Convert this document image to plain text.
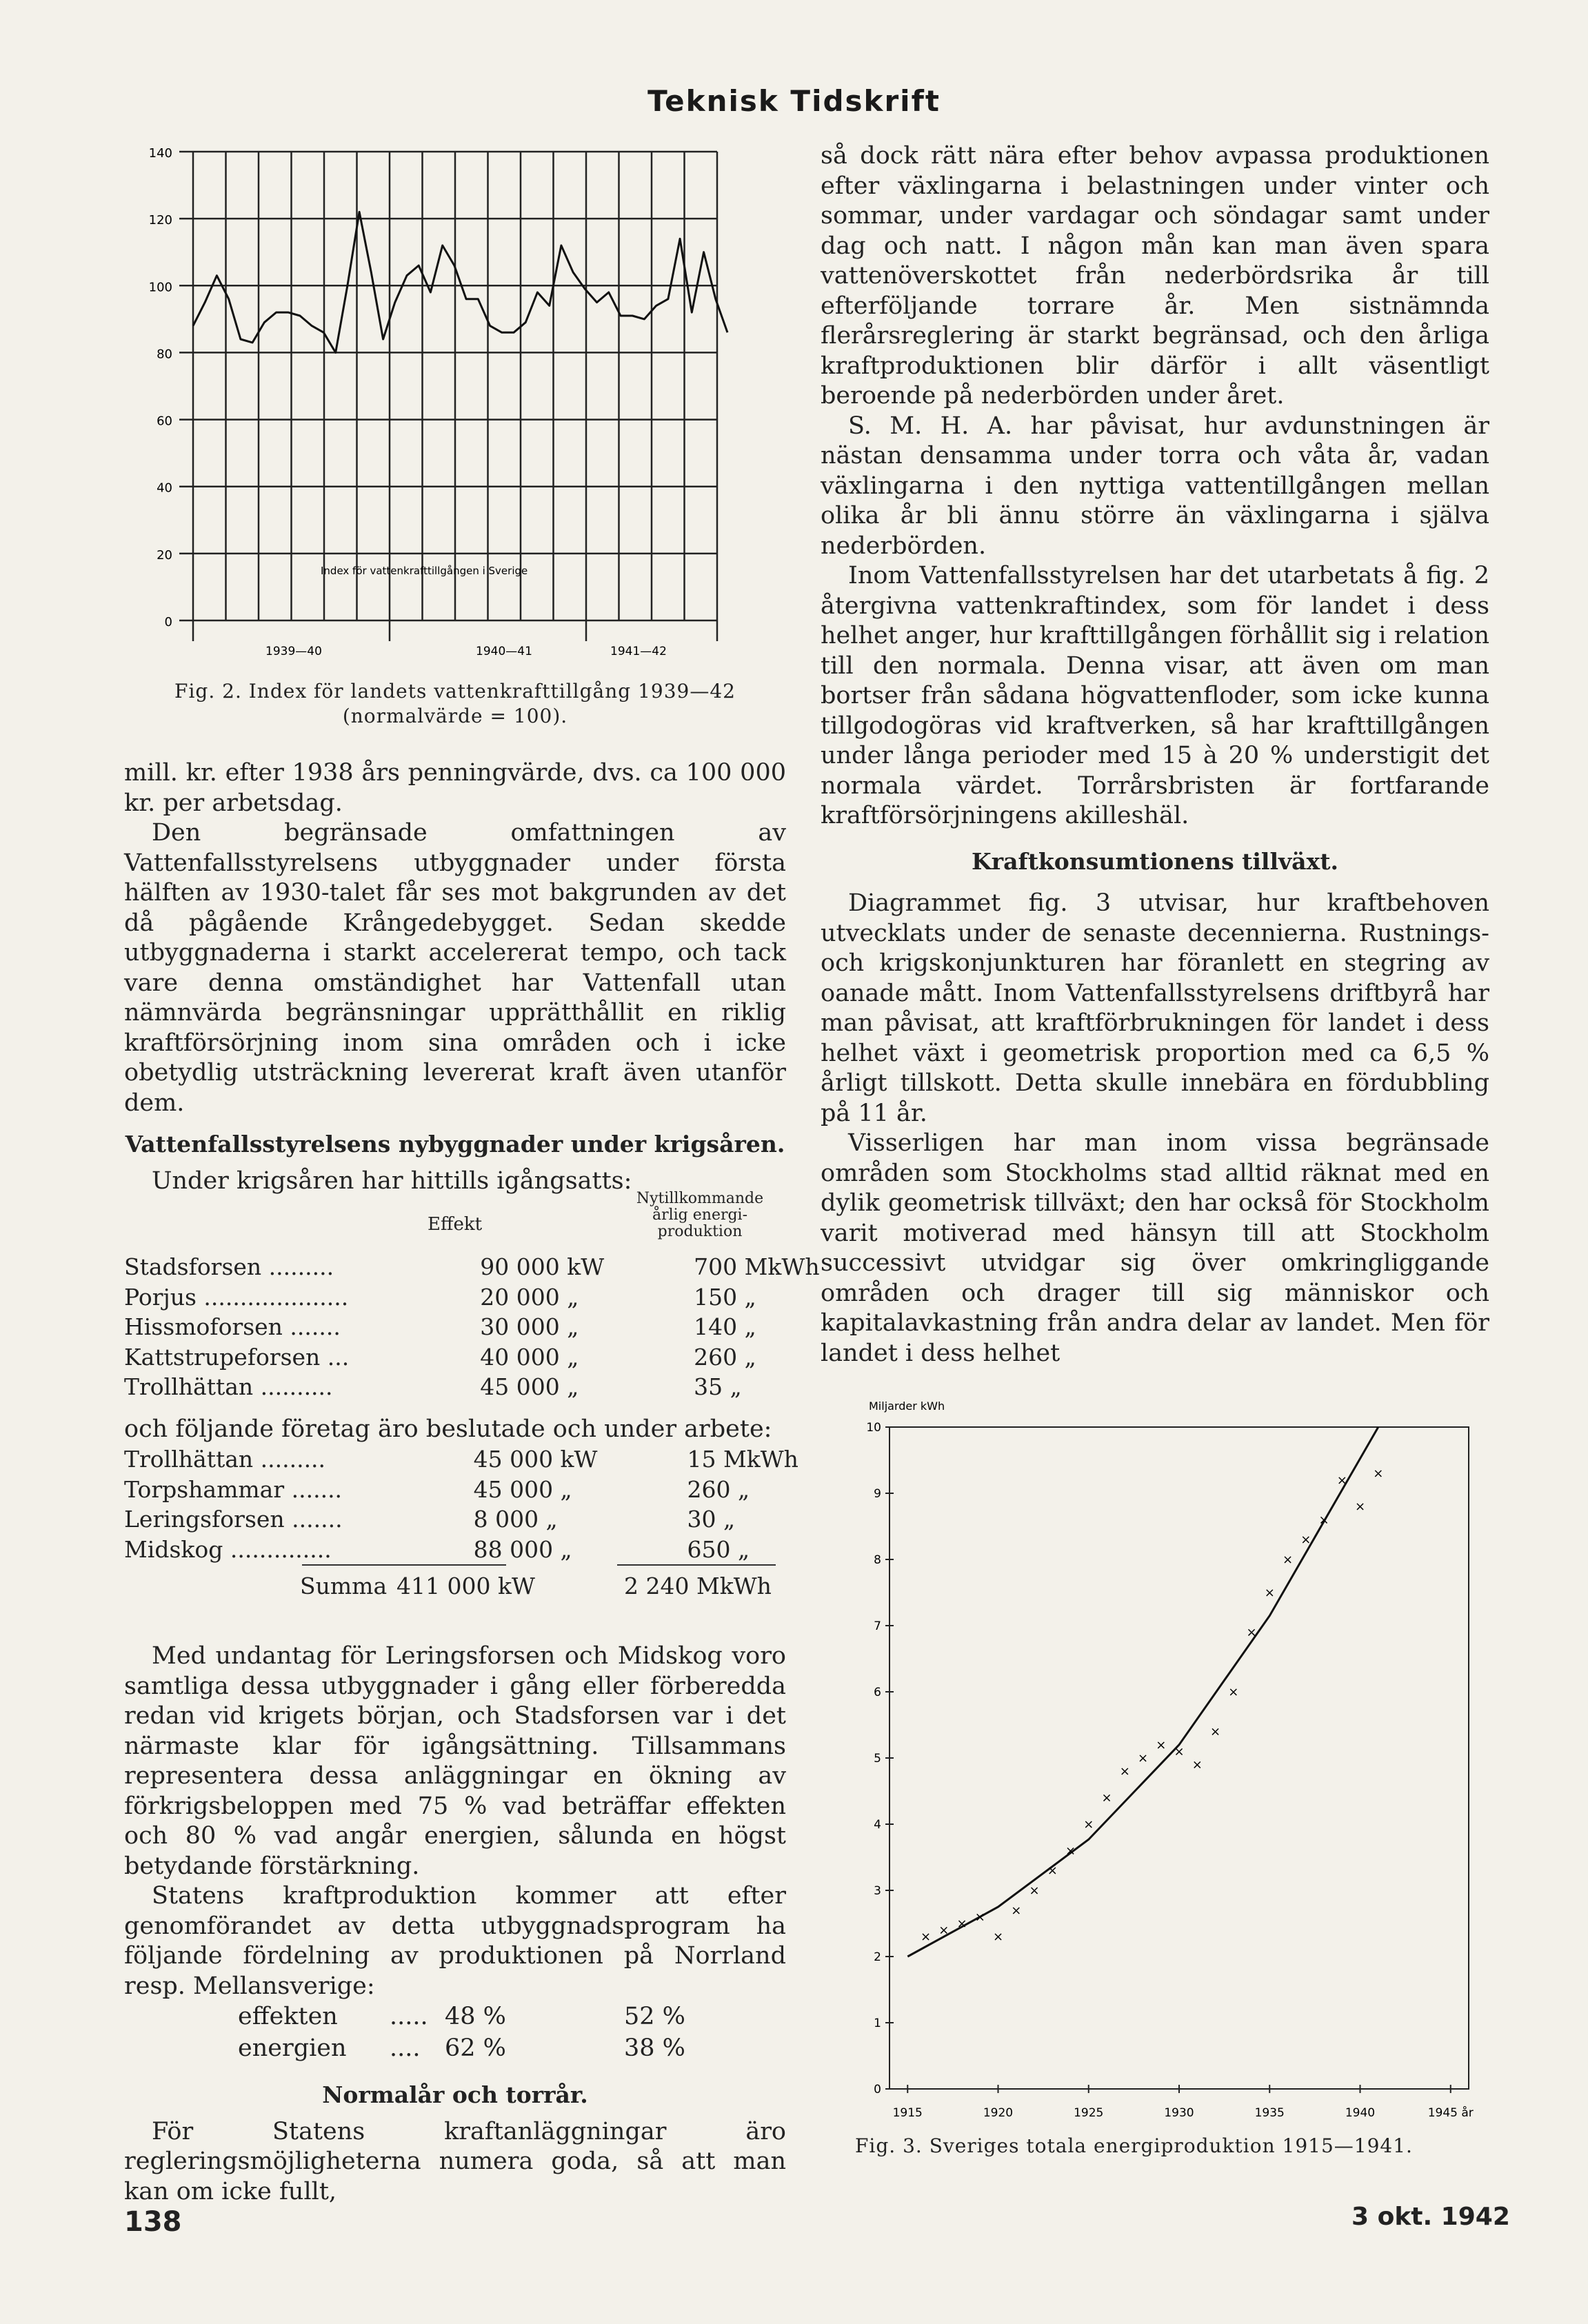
Teknisk Tidskrift
0
20
40
60
80
100
120
140
Index för vattenkrafttillgången i Sverige
1939—40	1940—41	1941—42
Fig. 2. Index för landets vattenkrafttillgång 1939—42
(normalvärde = 100).

mill. kr. efter 1938 års penningvärde, dvs. ca 100 000 kr. per arbetsdag.

Den begränsade omfattningen av Vattenfallsstyrelsens utbyggnader under första hälften av 1930-talet får ses mot bakgrunden av det då pågående Krångedebygget. Sedan skedde utbyggnaderna i starkt accelererat tempo, och tack vare denna omständighet har Vattenfall utan nämnvärda begränsningar upprätthållit en riklig kraftförsörjning inom sina områden och i icke obetydlig utsträckning levererat kraft även utanför dem.

Vattenfallsstyrelsens nybyggnader under krigsåren.

Under krigsåren har hittills igångsatts:

Effekt
Nytillkommande årlig energi-produktion
Stadsforsen .........	90 000 kW	700 MkWh
Porjus ....................	20 000 „	150 „
Hissmoforsen .......	30 000 „	140 „
Kattstrupeforsen ...	40 000 „	260 „
Trollhättan ..........	45 000 „	35 „

och följande företag äro beslutade och under arbete:

Trollhättan .........	45 000 kW	15 MkWh
Torpshammar .......	45 000 „	260 „
Leringsforsen .......	8 000 „	30 „
Midskog ..............	88 000 „	650 „
Summa 411 000 kW	2 240 MkWh

Med undantag för Leringsforsen och Midskog voro samtliga dessa utbyggnader i gång eller förberedda redan vid krigets början, och Stadsforsen var i det närmaste klar för igångsättning. Tillsammans representera dessa anläggningar en ökning av förkrigsbeloppen med 75 % vad beträffar effekten och 80 % vad angår energien, sålunda en högst betydande förstärkning.

Statens kraftproduktion kommer att efter genomförandet av detta utbyggnadsprogram ha följande fördelning av produktionen på Norrland resp. Mellansverige:

effekten	.....	48 %	52 %
energien	....	62 %	38 %
Normalår och torrår.

För Statens kraftanläggningar äro regleringsmöjligheterna numera goda, så att man kan om icke fullt,

så dock rätt nära efter behov avpassa produktionen efter växlingarna i belastningen under vinter och sommar, under vardagar och söndagar samt under dag och natt. I någon mån kan man även spara vattenöverskottet från nederbördsrika år till efterföljande torrare år. Men sistnämnda flerårsreglering är starkt begränsad, och den årliga kraftproduktionen blir därför i allt väsentligt beroende på nederbörden under året.

S. M. H. A. har påvisat, hur avdunstningen är nästan densamma under torra och våta år, vadan växlingarna i den nyttiga vattentillgången mellan olika år bli ännu större än växlingarna i själva nederbörden.

Inom Vattenfallsstyrelsen har det utarbetats å fig. 2 återgivna vattenkraftindex, som för landet i dess helhet anger, hur krafttillgången förhållit sig i relation till den normala. Denna visar, att även om man bortser från sådana högvattenfloder, som icke kunna tillgodogöras vid kraftverken, så har krafttillgången under långa perioder med 15 à 20 % understigit det normala värdet. Torrårsbristen är fortfarande kraftförsörjningens akilleshäl.

Kraftkonsumtionens tillväxt.

Diagrammet fig. 3 utvisar, hur kraftbehoven utvecklats under de senaste decennierna. Rustnings- och krigskonjunkturen har föranlett en stegring av oanade mått. Inom Vattenfallsstyrelsens driftbyrå har man påvisat, att kraftförbrukningen för landet i dess helhet växt i geometrisk proportion med ca 6,5 % årligt tillskott. Detta skulle innebära en fördubbling på 11 år.

Visserligen har man inom vissa begränsade områden som Stockholms stad alltid räknat med en dylik geometrisk tillväxt; den har också för Stockholm varit motiverad med hänsyn till att Stockholm successivt utvidgar sig över omkringliggande områden och drager till sig människor och kapitalavkastning från andra delar av landet. Men för landet i dess helhet

Miljarder kWh
0
1
2
3
4
5
6
7
8
9
10
1915	1920	1925	1930	1935	1940	1945 år
× × × ×
×
×
×
×
×
×
×
×
×
× ×
×
×
×
×
×
×
×
×
×
×
×
Fig. 3. Sveriges totala energiproduktion 1915—1941.
138	3 okt. 1942
